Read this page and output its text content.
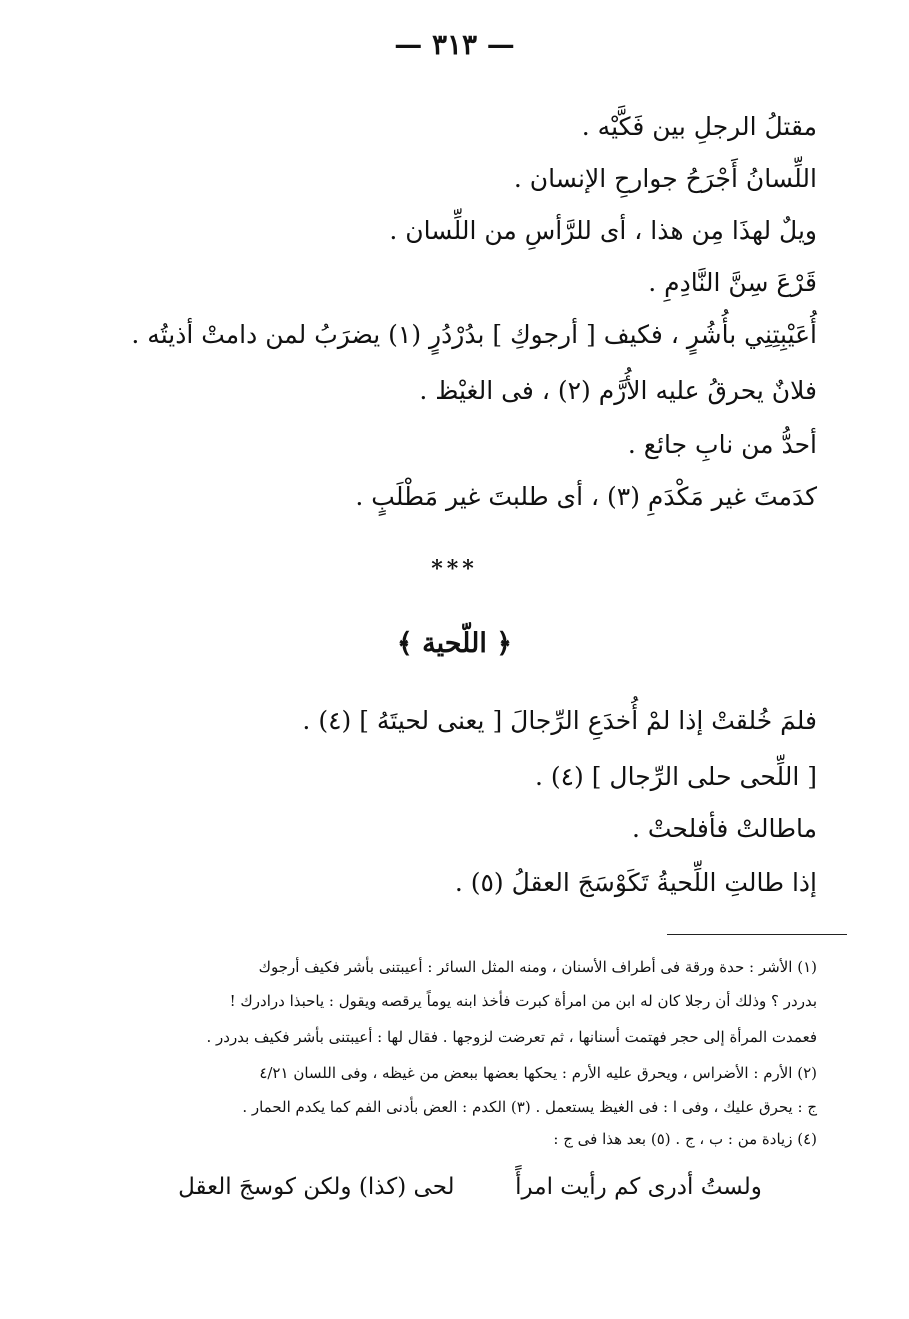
— ٣١٣ —
مقتلُ الرجلِ بين فَكَّيْه .
اللِّسانُ أَجْرَحُ جوارحِ الإنسان .
ويلٌ لهذَا مِن هذا ، أى للرَّأسِ من اللِّسان .
قَرْعَ سِنَّ النَّادِمِ .
أُعَيْبِتِنِي بأُشُرٍ ، فكيف [ أرجوكِ ] بدُرْدُرٍ (١) يضرَبُ لمن دامتْ أذيتُه .
فلانٌ يحرقُ عليه الأُرَّم (٢) ، فى الغيْظ .
أحدُّ من نابِ جائع .
كدَمتَ غير مَكْدَمِ (٣) ، أى طلبتَ غير مَطْلَبٍ .
***
﴿ اللّحية ﴾
فلمَ خُلقتْ إذا لمْ أُخدَعِ الرِّجالَ [ يعنى لحيتَهُ ] (٤) .
[ اللِّحى حلى الرِّجال ] (٤) .
ماطالتْ فأفلحتْ .
إذا طالتِ اللِّحيةُ تَكَوْسَجَ العقلُ (٥) .
(١) الأشر : حدة ورقة فى أطراف الأسنان ، ومنه المثل السائر : أعيبتنى بأشر فكيف أرجوك
بدردر ؟ وذلك أن رجلا كان له ابن من امرأة كبرت فأخذ ابنه يوماً يرقصه ويقول : ياحبذا درادرك !
فعمدت المرأة إلى حجر فهتمت أسنانها ، ثم تعرضت لزوجها . فقال لها : أعيبتنى بأشر فكيف بدردر .
(٢) الأرم : الأضراس ، ويحرق عليه الأرم : يحكها بعضها ببعض من غيظه ، وفى اللسان ٤/٢١
ج : يحرق عليك ، وفى ا : فى الغيظ يستعمل . (٣) الكدم : العض بأدنى الفم كما يكدم الحمار .
(٤) زيادة من : ب ، ج . (٥) بعد هذا فى ج :
ولستُ أدرى كم رأيت امرأً  لحى (كذا) ولكن كوسجَ العقل
